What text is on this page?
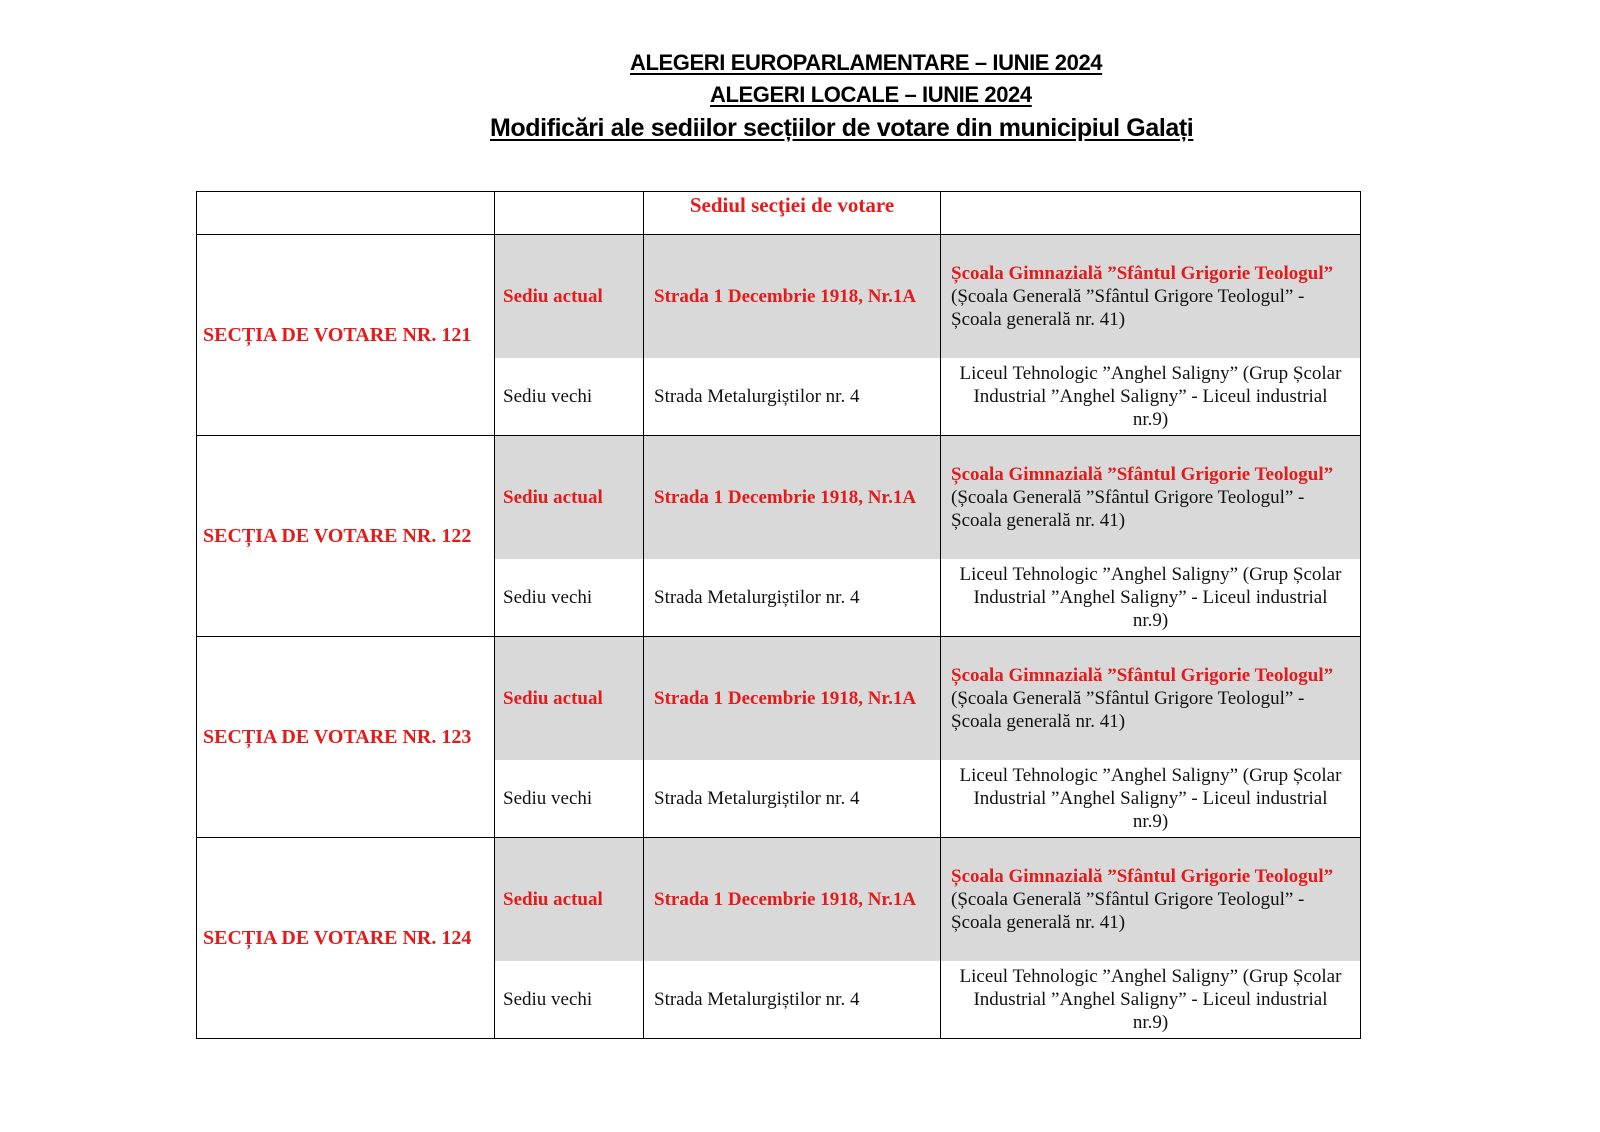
ALEGERI EUROPARLAMENTARE – IUNIE 2024
ALEGERI LOCALE – IUNIE 2024
Modificări ale sediilor secțiilor de votare din municipiul Galați
		Sediul secţiei de votare	
SECȚIA DE VOTARE NR. 121	Sediu actual	Strada 1 Decembrie 1918, Nr.1A	Școala Gimnazială ”Sfântul Grigorie Teologul” (Școala Generală ”Sfântul Grigore Teologul” - Școala generală nr. 41)
	Sediu vechi	Strada Metalurgiștilor nr. 4	Liceul Tehnologic ”Anghel Saligny” (Grup Școlar Industrial ”Anghel Saligny” - Liceul industrial nr.9)
SECȚIA DE VOTARE NR. 122	Sediu actual	Strada 1 Decembrie 1918, Nr.1A	Școala Gimnazială ”Sfântul Grigorie Teologul” (Școala Generală ”Sfântul Grigore Teologul” - Școala generală nr. 41)
	Sediu vechi	Strada Metalurgiștilor nr. 4	Liceul Tehnologic ”Anghel Saligny” (Grup Școlar Industrial ”Anghel Saligny” - Liceul industrial nr.9)
SECȚIA DE VOTARE NR. 123	Sediu actual	Strada 1 Decembrie 1918, Nr.1A	Școala Gimnazială ”Sfântul Grigorie Teologul” (Școala Generală ”Sfântul Grigore Teologul” - Școala generală nr. 41)
	Sediu vechi	Strada Metalurgiștilor nr. 4	Liceul Tehnologic ”Anghel Saligny” (Grup Școlar Industrial ”Anghel Saligny” - Liceul industrial nr.9)
SECȚIA DE VOTARE NR. 124	Sediu actual	Strada 1 Decembrie 1918, Nr.1A	Școala Gimnazială ”Sfântul Grigorie Teologul” (Școala Generală ”Sfântul Grigore Teologul” - Școala generală nr. 41)
	Sediu vechi	Strada Metalurgiștilor nr. 4	Liceul Tehnologic ”Anghel Saligny” (Grup Școlar Industrial ”Anghel Saligny” - Liceul industrial nr.9)
